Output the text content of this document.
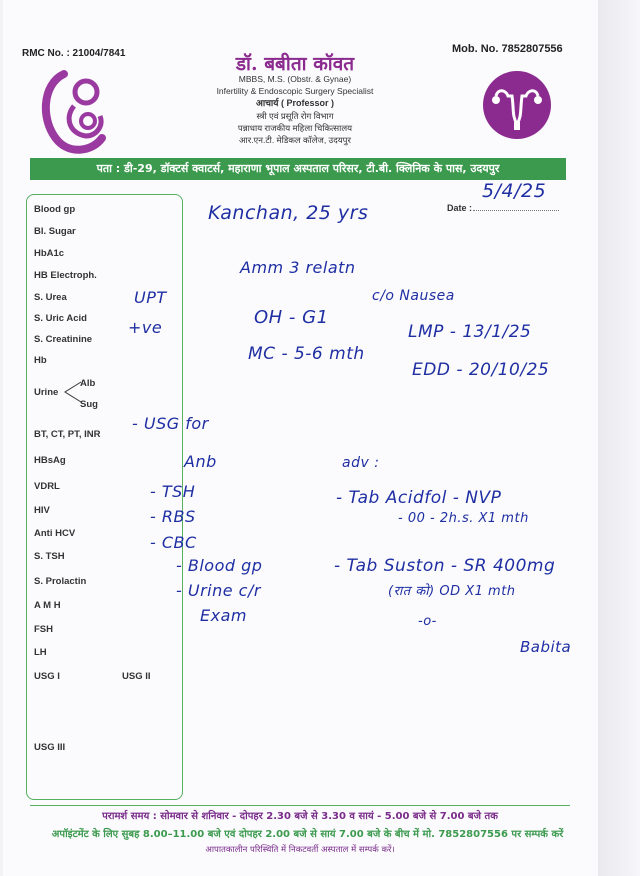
RMC No. : 21004/7841	Mob. No. 7852807556
डॉ. बबीता कॉवत
MBBS, M.S. (Obstr. & Gynae)
Infertility & Endoscopic Surgery Specialist
आचार्य ( Professor )
स्त्री एवं प्रसूति रोग विभाग
पन्नाधाय राजकीय महिला चिकित्सालय
आर.एन.टी. मेडिकल कॉलेज, उदयपुर
पता : डी-29, डॉक्टर्स क्वाटर्स, महाराणा भूपाल अस्पताल परिसर, टी.बी. क्लिनिक के पास, उदयपुर
Date :
Blood gp
Bl. Sugar
HbA1c
HB Electroph.
S. Urea
S. Uric Acid
S. Creatinine
Hb
Urine
Alb
Sug
BT, CT, PT, INR
HBsAg
VDRL
HIV
Anti HCV
S. TSH
S. Prolactin
A M H
FSH
LH
USG I	USG II
USG III
5/4/25
Kanchan, 25 yrs
Amm 3 relatn
c/o Nausea
UPT
+ve	OH - G1
LMP - 13/1/25
MC - 5-6 mth
EDD - 20/10/25
- USG for
Anb	adv :
- TSH
- RBS
- CBC
- Blood gp
- Urine c/r
Exam
- Tab Acidfol - NVP
- 00 - 2h.s. X1 mth
- Tab Suston - SR 400mg
(रात को) OD X1 mth
-o-
Babita
परामर्श समय : सोमवार से शनिवार - दोपहर 2.30 बजे से 3.30 व सायं - 5.00 बजे से 7.00 बजे तक
अपॉइंटमेंट के लिए सुबह 8.00–11.00 बजे एवं दोपहर 2.00 बजे से सायं 7.00 बजे के बीच में मो. 7852807556 पर सम्पर्क करें
आपातकालीन परिस्थिति में निकटवर्ती अस्पताल में सम्पर्क करें।
